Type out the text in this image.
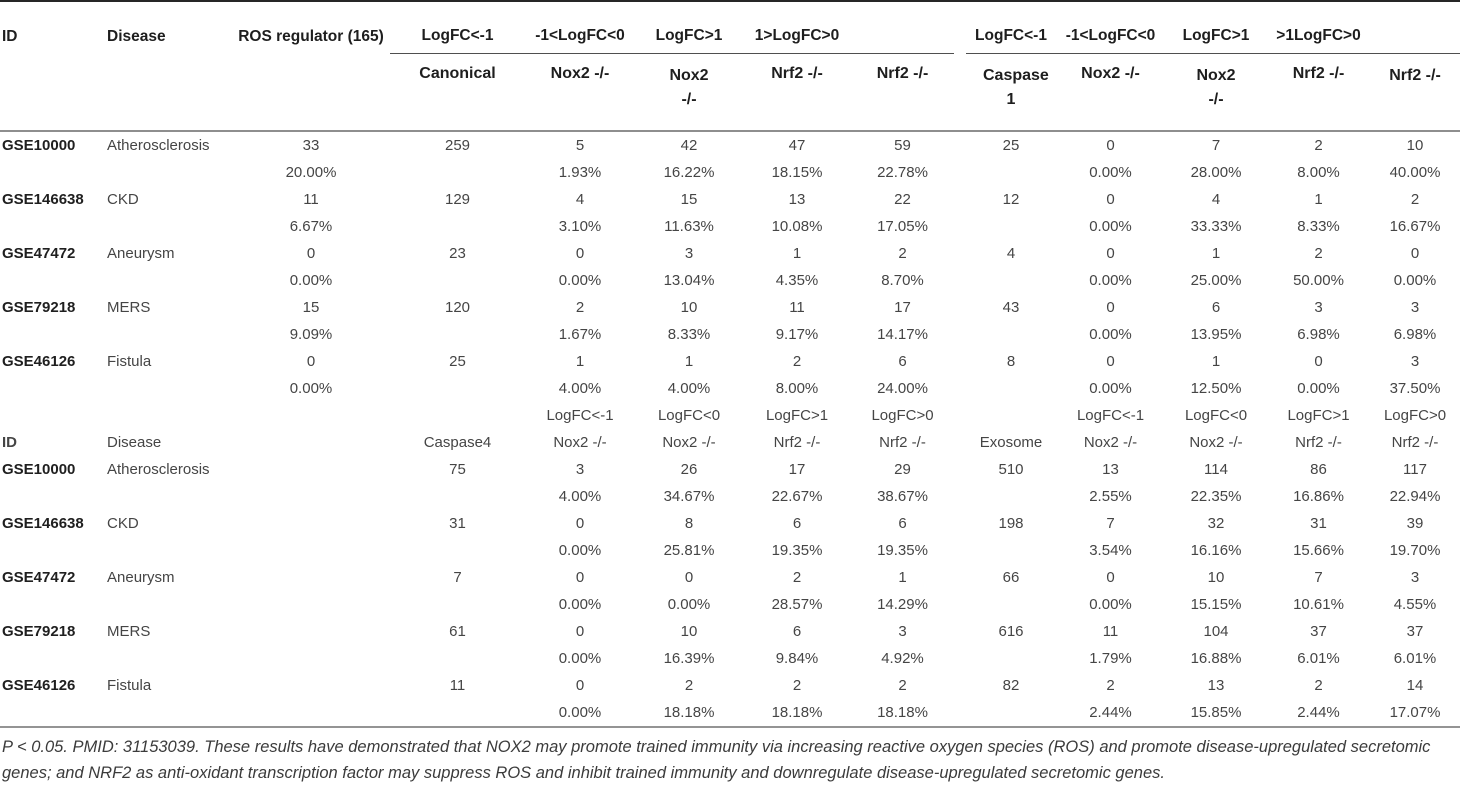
ID	Disease	ROS regulator (165)	LogFC<-1	-1<LogFC<0	LogFC>1	1>LogFC>0			LogFC<-1	-1<LogFC<0	LogFC>1	>1LogFC>0	
			Canonical	Nox2 -/-	Nox2 -/-	Nrf2 -/-	Nrf2 -/-		Caspase 1	Nox2 -/-	Nox2 -/-	Nrf2 -/-	Nrf2 -/-
GSE10000	Atherosclerosis	33	259	5	42	47	59		25	0	7	2	10
		20.00%		1.93%	16.22%	18.15%	22.78%			0.00%	28.00%	8.00%	40.00%
GSE146638	CKD	11	129	4	15	13	22		12	0	4	1	2
		6.67%		3.10%	11.63%	10.08%	17.05%			0.00%	33.33%	8.33%	16.67%
GSE47472	Aneurysm	0	23	0	3	1	2		4	0	1	2	0
		0.00%		0.00%	13.04%	4.35%	8.70%			0.00%	25.00%	50.00%	0.00%
GSE79218	MERS	15	120	2	10	11	17		43	0	6	3	3
		9.09%		1.67%	8.33%	9.17%	14.17%			0.00%	13.95%	6.98%	6.98%
GSE46126	Fistula	0	25	1	1	2	6		8	0	1	0	3
		0.00%		4.00%	4.00%	8.00%	24.00%			0.00%	12.50%	0.00%	37.50%
				LogFC<-1	LogFC<0	LogFC>1	LogFC>0			LogFC<-1	LogFC<0	LogFC>1	LogFC>0
ID	Disease		Caspase4	Nox2 -/-	Nox2 -/-	Nrf2 -/-	Nrf2 -/-		Exosome	Nox2 -/-	Nox2 -/-	Nrf2 -/-	Nrf2 -/-
GSE10000	Atherosclerosis		75	3	26	17	29		510	13	114	86	117
				4.00%	34.67%	22.67%	38.67%			2.55%	22.35%	16.86%	22.94%
GSE146638	CKD		31	0	8	6	6		198	7	32	31	39
				0.00%	25.81%	19.35%	19.35%			3.54%	16.16%	15.66%	19.70%
GSE47472	Aneurysm		7	0	0	2	1		66	0	10	7	3
				0.00%	0.00%	28.57%	14.29%			0.00%	15.15%	10.61%	4.55%
GSE79218	MERS		61	0	10	6	3		616	11	104	37	37
				0.00%	16.39%	9.84%	4.92%			1.79%	16.88%	6.01%	6.01%
GSE46126	Fistula		11	0	2	2	2		82	2	13	2	14
				0.00%	18.18%	18.18%	18.18%			2.44%	15.85%	2.44%	17.07%
P < 0.05. PMID: 31153039. These results have demonstrated that NOX2 may promote trained immunity via increasing reactive oxygen species (ROS) and promote disease-upregulated secretomic genes; and NRF2 as anti-oxidant transcription factor may suppress ROS and inhibit trained immunity and downregulate disease-upregulated secretomic genes.
